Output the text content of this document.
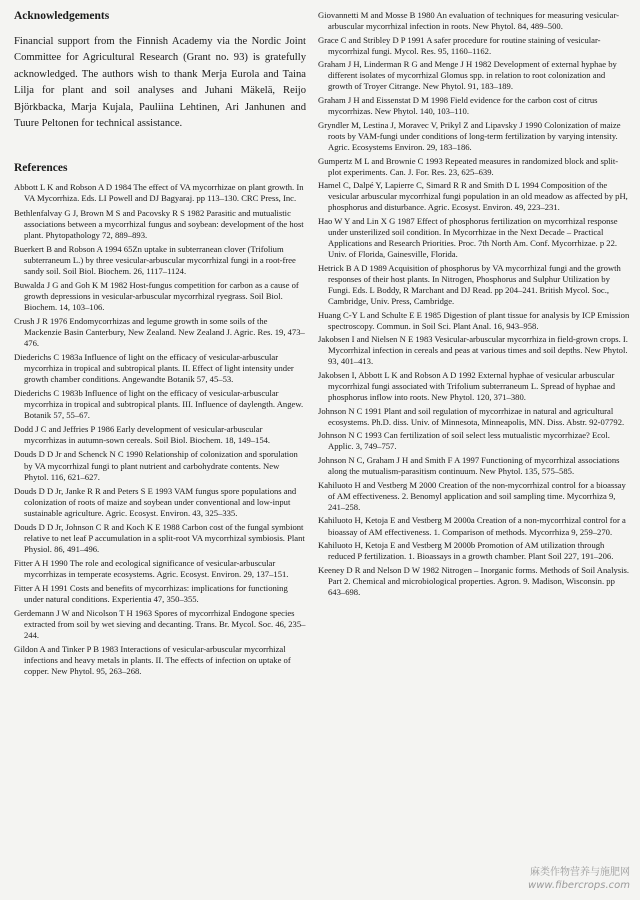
Acknowledgements

Financial support from the Finnish Academy via the Nordic Joint Committee for Agricultural Research (Grant no. 93) is gratefully acknowledged. The authors wish to thank Merja Eurola and Taina Lilja for plant and soil analyses and Juhani Mäkelä, Reijo Björkbacka, Marja Kujala, Pauliina Lehtinen, Ari Janhunen and Tuure Peltonen for technical assistance.

References
Abbott L K and Robson A D 1984 The effect of VA mycorrhizae on plant growth. In VA Mycorrhiza. Eds. LI Powell and DJ Bagyaraj. pp 113–130. CRC Press, Inc.
Bethlenfalvay G J, Brown M S and Pacovsky R S 1982 Parasitic and mutualistic associations between a mycorrhizal fungus and soybean: development of the host plant. Phytopathology 72, 889–893.
Buerkert B and Robson A 1994 65Zn uptake in subterranean clover (Trifolium subterraneum L.) by three vesicular-arbuscular mycorrhizal fungi in a root-free sandy soil. Soil Biol. Biochem. 26, 1117–1124.
Buwalda J G and Goh K M 1982 Host-fungus competition for carbon as a cause of growth depressions in vesicular-arbuscular mycorrhizal ryegrass. Soil Biol. Biochem. 14, 103–106.
Crush J R 1976 Endomycorrhizas and legume growth in some soils of the Mackenzie Basin Canterbury, New Zealand. New Zealand J. Agric. Res. 19, 473–476.
Diederichs C 1983a Influence of light on the efficacy of vesicular-arbuscular mycorrhiza in tropical and subtropical plants. II. Effect of light intensity under growth chamber conditions. Angewandte Botanik 57, 45–53.
Diederichs C 1983b Influence of light on the efficacy of vesicular-arbuscular mycorrhiza in tropical and subtropical plants. III. Influence of daylength. Angew. Botanik 57, 55–67.
Dodd J C and Jeffries P 1986 Early development of vesicular-arbuscular mycorrhizas in autumn-sown cereals. Soil Biol. Biochem. 18, 149–154.
Douds D D Jr and Schenck N C 1990 Relationship of colonization and sporulation by VA mycorrhizal fungi to plant nutrient and carbohydrate contents. New Phytol. 116, 621–627.
Douds D D Jr, Janke R R and Peters S E 1993 VAM fungus spore populations and colonization of roots of maize and soybean under conventional and low-input sustainable agriculture. Agric. Ecosyst. Environ. 43, 325–335.
Douds D D Jr, Johnson C R and Koch K E 1988 Carbon cost of the fungal symbiont relative to net leaf P accumulation in a split-root VA mycorrhizal symbiosis. Plant Physiol. 86, 491–496.
Fitter A H 1990 The role and ecological significance of vesicular-arbuscular mycorrhizas in temperate ecosystems. Agric. Ecosyst. Environ. 29, 137–151.
Fitter A H 1991 Costs and benefits of mycorrhizas: implications for functioning under natural conditions. Experientia 47, 350–355.
Gerdemann J W and Nicolson T H 1963 Spores of mycorrhizal Endogone species extracted from soil by wet sieving and decanting. Trans. Br. Mycol. Soc. 46, 235–244.
Gildon A and Tinker P B 1983 Interactions of vesicular-arbuscular mycorrhizal infections and heavy metals in plants. II. The effects of infection on uptake of copper. New Phytol. 95, 263–268.
Giovannetti M and Mosse B 1980 An evaluation of techniques for measuring vesicular-arbuscular mycorrhizal infection in roots. New Phytol. 84, 489–500.
Grace C and Stribley D P 1991 A safer procedure for routine staining of vesicular-mycorrhizal fungi. Mycol. Res. 95, 1160–1162.
Graham J H, Linderman R G and Menge J H 1982 Development of external hyphae by different isolates of mycorrhizal Glomus spp. in relation to root colonization and growth of Troyer Citrange. New Phytol. 91, 183–189.
Graham J H and Eissenstat D M 1998 Field evidence for the carbon cost of citrus mycorrhizas. New Phytol. 140, 103–110.
Gryndler M, Lestina J, Moravec V, Prikyl Z and Lipavsky J 1990 Colonization of maize roots by VAM-fungi under conditions of long-term fertilization by varying intensity. Agric. Ecosystems Environ. 29, 183–186.
Gumpertz M L and Brownie C 1993 Repeated measures in randomized block and split-plot experiments. Can. J. For. Res. 23, 625–639.
Hamel C, Dalpé Y, Lapierre C, Simard R R and Smith D L 1994 Composition of the vesicular arbuscular mycorrhizal fungi population in an old meadow as affected by pH, phosphorus and disturbance. Agric. Ecosyst. Environ. 49, 223–231.
Hao W Y and Lin X G 1987 Effect of phosphorus fertilization on mycorrhizal response under unsterilized soil condition. In Mycorrhizae in the Next Decade – Practical Applications and Research Priorities. Proc. 7th North Am. Conf. Mycorrhizae. p 22. Univ. of Florida, Gainesville, Florida.
Hetrick B A D 1989 Acquisition of phosphorus by VA mycorrhizal fungi and the growth responses of their host plants. In Nitrogen, Phosphorus and Sulphur Utilization by Fungi. Eds. L Boddy, R Marchant and DJ Read. pp 204–241. British Mycol. Soc., Cambridge, Univ. Press, Cambridge.
Huang C-Y L and Schulte E E 1985 Digestion of plant tissue for analysis by ICP Emission spectroscopy. Commun. in Soil Sci. Plant Anal. 16, 943–958.
Jakobsen I and Nielsen N E 1983 Vesicular-arbuscular mycorrhiza in field-grown crops. I. Mycorrhizal infection in cereals and peas at various times and soil depths. New Phytol. 93, 401–413.
Jakobsen I, Abbott L K and Robson A D 1992 External hyphae of vesicular arbuscular mycorrhizal fungi associated with Trifolium subterraneum L. Spread of hyphae and phosphorus inflow into roots. New Phytol. 120, 371–380.
Johnson N C 1991 Plant and soil regulation of mycorrhizae in natural and agricultural ecosystems. Ph.D. diss. Univ. of Minnesota, Minneapolis, MN. Diss. Abstr. 92-07792.
Johnson N C 1993 Can fertilization of soil select less mutualistic mycorrhizae? Ecol. Applic. 3, 749–757.
Johnson N C, Graham J H and Smith F A 1997 Functioning of mycorrhizal associations along the mutualism-parasitism continuum. New Phytol. 135, 575–585.
Kahiluoto H and Vestberg M 2000 Creation of the non-mycorrhizal control for a bioassay of AM effectiveness. 2. Benomyl application and soil sampling time. Mycorrhiza 9, 241–258.
Kahiluoto H, Ketoja E and Vestberg M 2000a Creation of a non-mycorrhizal control for a bioassay of AM effectiveness. 1. Comparison of methods. Mycorrhiza 9, 259–270.
Kahiluoto H, Ketoja E and Vestberg M 2000b Promotion of AM utilization through reduced P fertilization. 1. Bioassays in a growth chamber. Plant Soil 227, 191–206.
Keeney D R and Nelson D W 1982 Nitrogen – Inorganic forms. Methods of Soil Analysis. Part 2. Chemical and microbiological properties. Agron. 9. Madison, Wisconsin. pp 643–698.
麻类作物营养与施肥网
www.fibercrops.com
